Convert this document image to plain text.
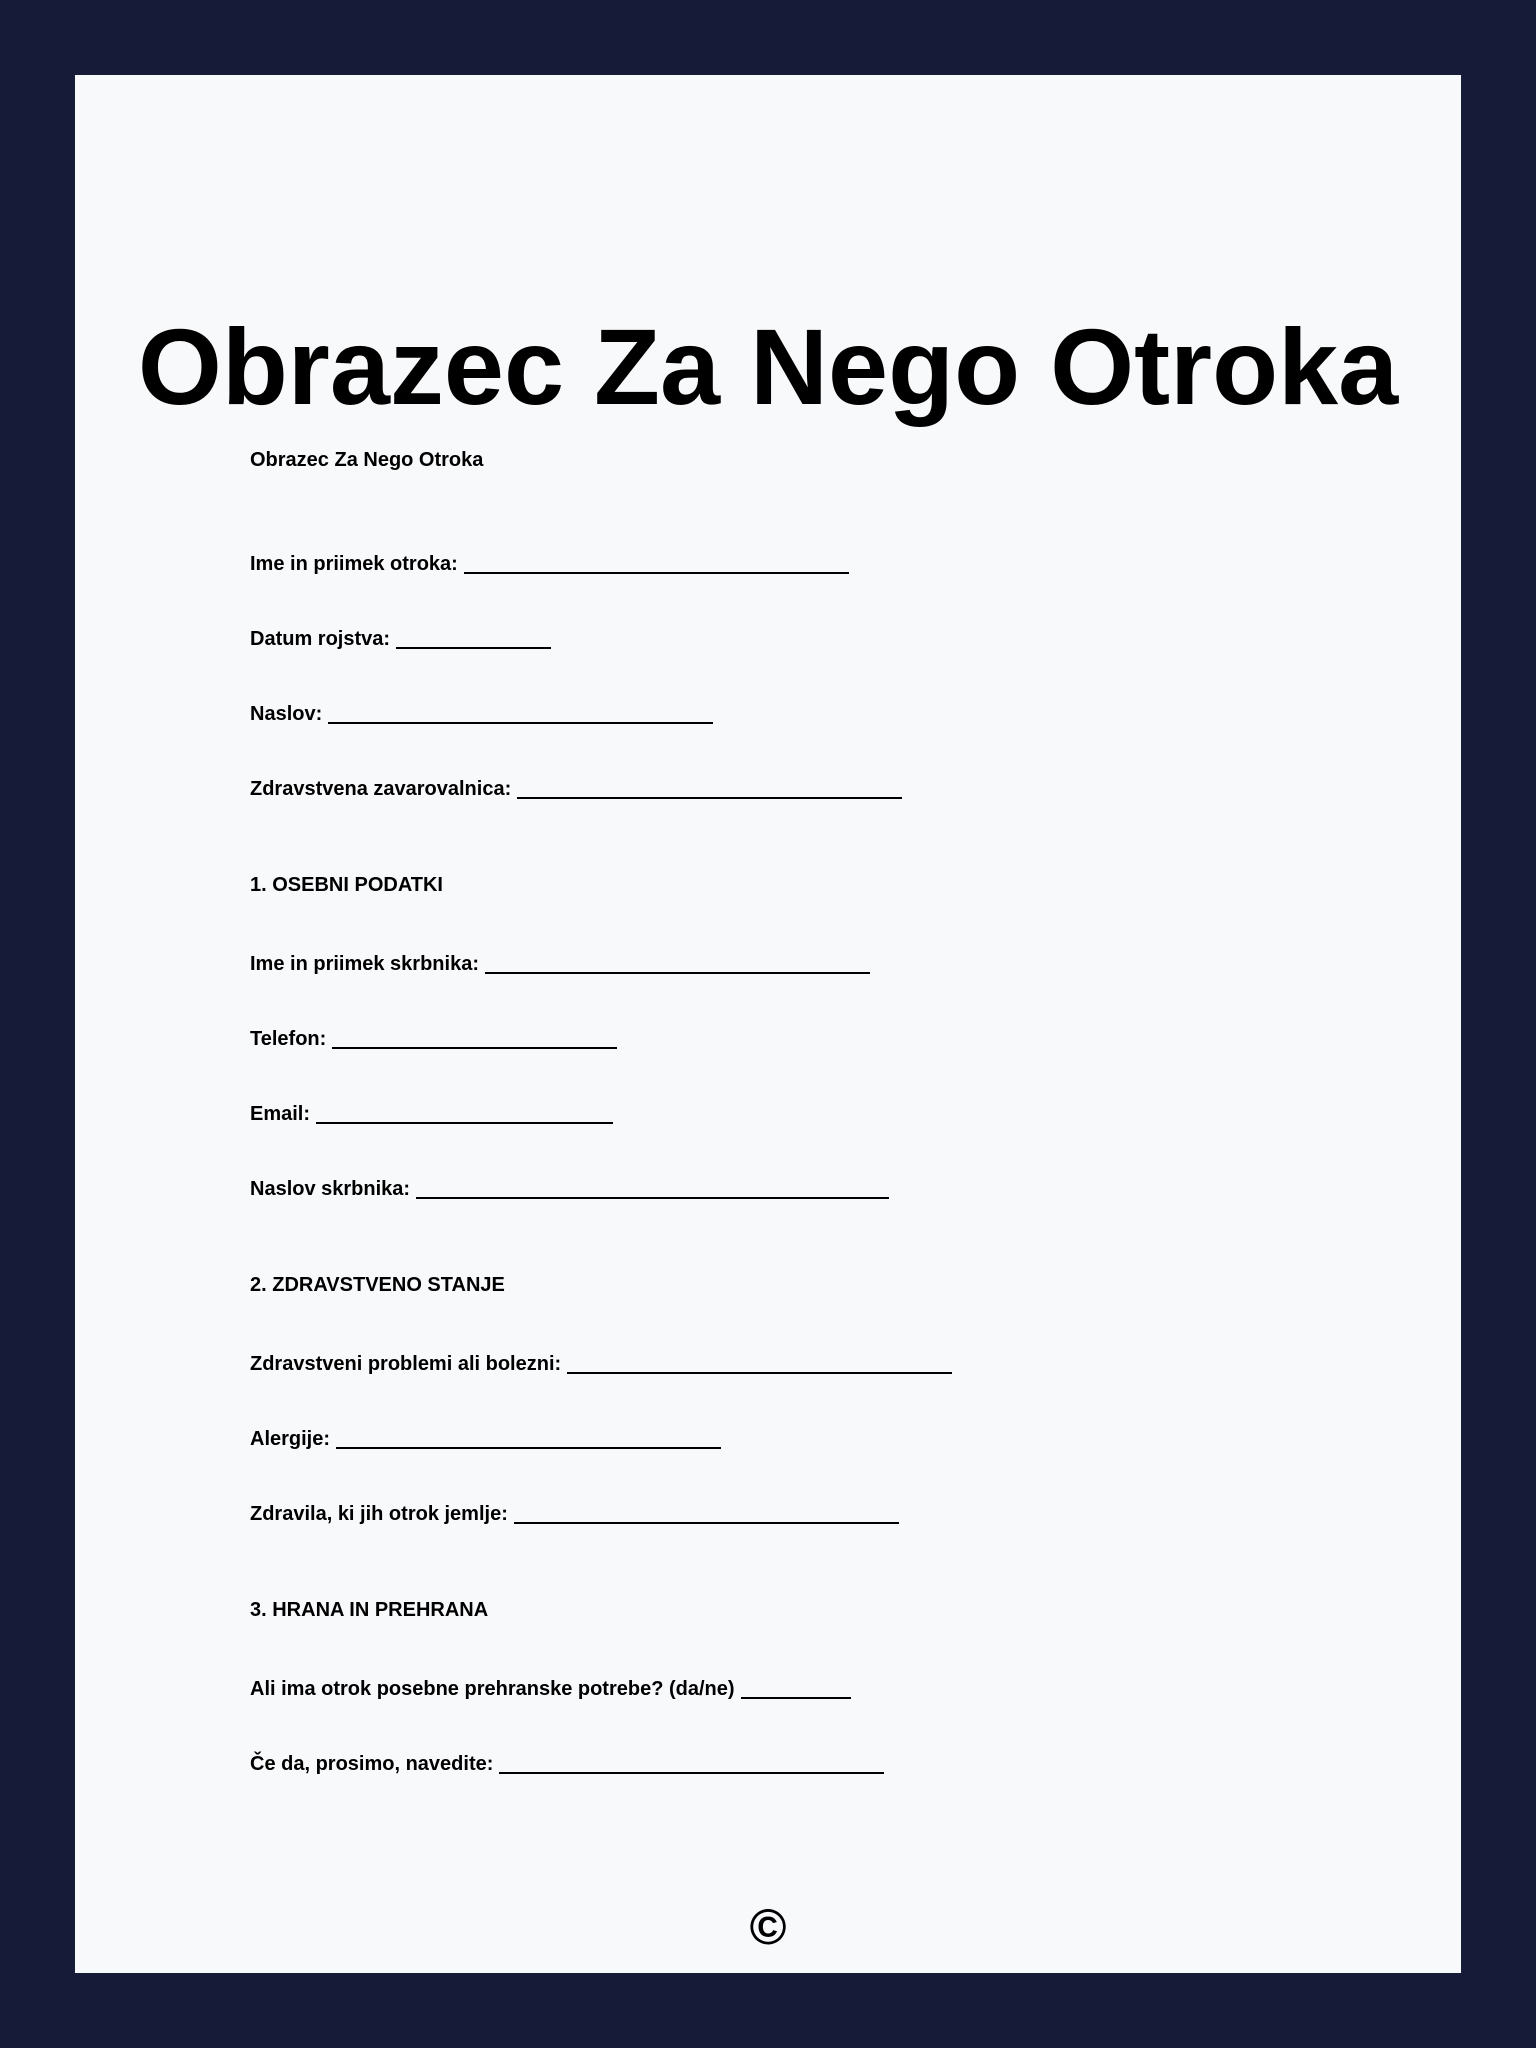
Obrazec Za Nego Otroka
Obrazec Za Nego Otroka
Ime in priimek otroka:
Datum rojstva:
Naslov:
Zdravstvena zavarovalnica:
1. OSEBNI PODATKI
Ime in priimek skrbnika:
Telefon:
Email:
Naslov skrbnika:
2. ZDRAVSTVENO STANJE
Zdravstveni problemi ali bolezni:
Alergije:
Zdravila, ki jih otrok jemlje:
3. HRANA IN PREHRANA
Ali ima otrok posebne prehranske potrebe? (da/ne)
Če da, prosimo, navedite:
©
